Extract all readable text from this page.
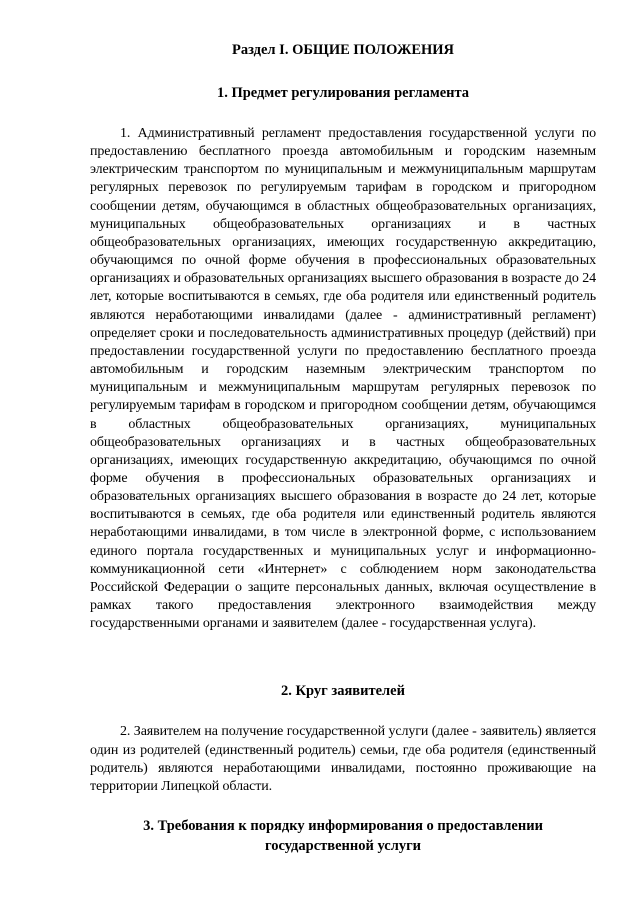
Раздел I. ОБЩИЕ ПОЛОЖЕНИЯ
1. Предмет регулирования регламента

1. Административный регламент предоставления государственной услуги по предоставлению бесплатного проезда автомобильным и городским наземным электрическим транспортом по муниципальным и межмуниципальным маршрутам регулярных перевозок по регулируемым тарифам в городском и пригородном сообщении детям, обучающимся в областных общеобразовательных организациях, муниципальных общеобразовательных организациях и в частных общеобразовательных организациях, имеющих государственную аккредитацию, обучающимся по очной форме обучения в профессиональных образовательных организациях и образовательных организациях высшего образования в возрасте до 24 лет, которые воспитываются в семьях, где оба родителя или единственный родитель являются неработающими инвалидами (далее - административный регламент) определяет сроки и последовательность административных процедур (действий) при предоставлении государственной услуги по предоставлению бесплатного проезда автомобильным и городским наземным электрическим транспортом по муниципальным и межмуниципальным маршрутам регулярных перевозок по регулируемым тарифам в городском и пригородном сообщении детям, обучающимся в областных общеобразовательных организациях, муниципальных общеобразовательных организациях и в частных общеобразовательных организациях, имеющих государственную аккредитацию, обучающимся по очной форме обучения в профессиональных образовательных организациях и образовательных организациях высшего образования в возрасте до 24 лет, которые воспитываются в семьях, где оба родителя или единственный родитель являются неработающими инвалидами, в том числе в электронной форме, с использованием единого портала государственных и муниципальных услуг и информационно-коммуникационной сети «Интернет» с соблюдением норм законодательства Российской Федерации о защите персональных данных, включая осуществление в рамках такого предоставления электронного взаимодействия между государственными органами и заявителем (далее - государственная услуга).

2. Круг заявителей

2. Заявителем на получение государственной услуги (далее - заявитель) является один из родителей (единственный родитель) семьи, где оба родителя (единственный родитель) являются неработающими инвалидами, постоянно проживающие на территории Липецкой области.

3. Требования к порядку информирования о предоставлении государственной услуги
